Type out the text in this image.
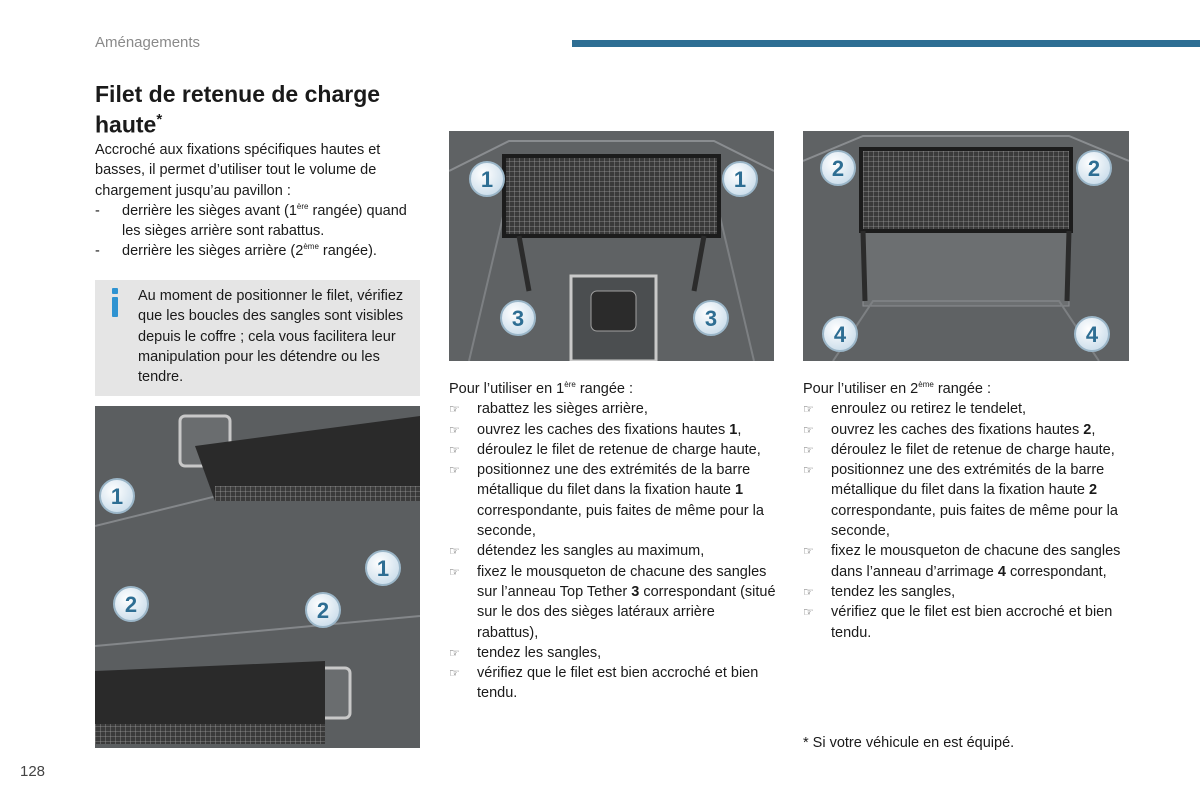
Aménagements
Filet de retenue de charge haute*

Accroché aux fixations spécifiques hautes et basses, il permet d’utiliser tout le volume de chargement jusqu’au pavillon :

- derrière les sièges avant (1ère rangée) quand les sièges arrière sont rabattus.
- derrière les sièges arrière (2ème rangée).
Au moment de positionner le filet, vérifiez que les boucles des sangles sont visibles depuis le coffre ; cela vous facilitera leur manipulation pour les détendre ou les tendre.
1	1
3	3
2	2
4	4
1
1
2	2

Pour l’utiliser en 1ère rangée :

☞ rabattez les sièges arrière,
☞ ouvrez les caches des fixations hautes 1,
☞ déroulez le filet de retenue de charge haute,
☞ positionnez une des extrémités de la barre métallique du filet dans la fixation haute 1 correspondante, puis faites de même pour la seconde,
☞ détendez les sangles au maximum,
☞ fixez le mousqueton de chacune des sangles sur l’anneau Top Tether 3 correspondant (situé sur le dos des sièges latéraux arrière rabattus),
☞ tendez les sangles,
☞ vérifiez que le filet est bien accroché et bien tendu.

Pour l’utiliser en 2ème rangée :

☞ enroulez ou retirez le tendelet,
☞ ouvrez les caches des fixations hautes 2,
☞ déroulez le filet de retenue de charge haute,
☞ positionnez une des extrémités de la barre métallique du filet dans la fixation haute 2 correspondante, puis faites de même pour la seconde,
☞ fixez le mousqueton de chacune des sangles dans l’anneau d’arrimage 4 correspondant,
☞ tendez les sangles,
☞ vérifiez que le filet est bien accroché et bien tendu.
* Si votre véhicule en est équipé.
128
